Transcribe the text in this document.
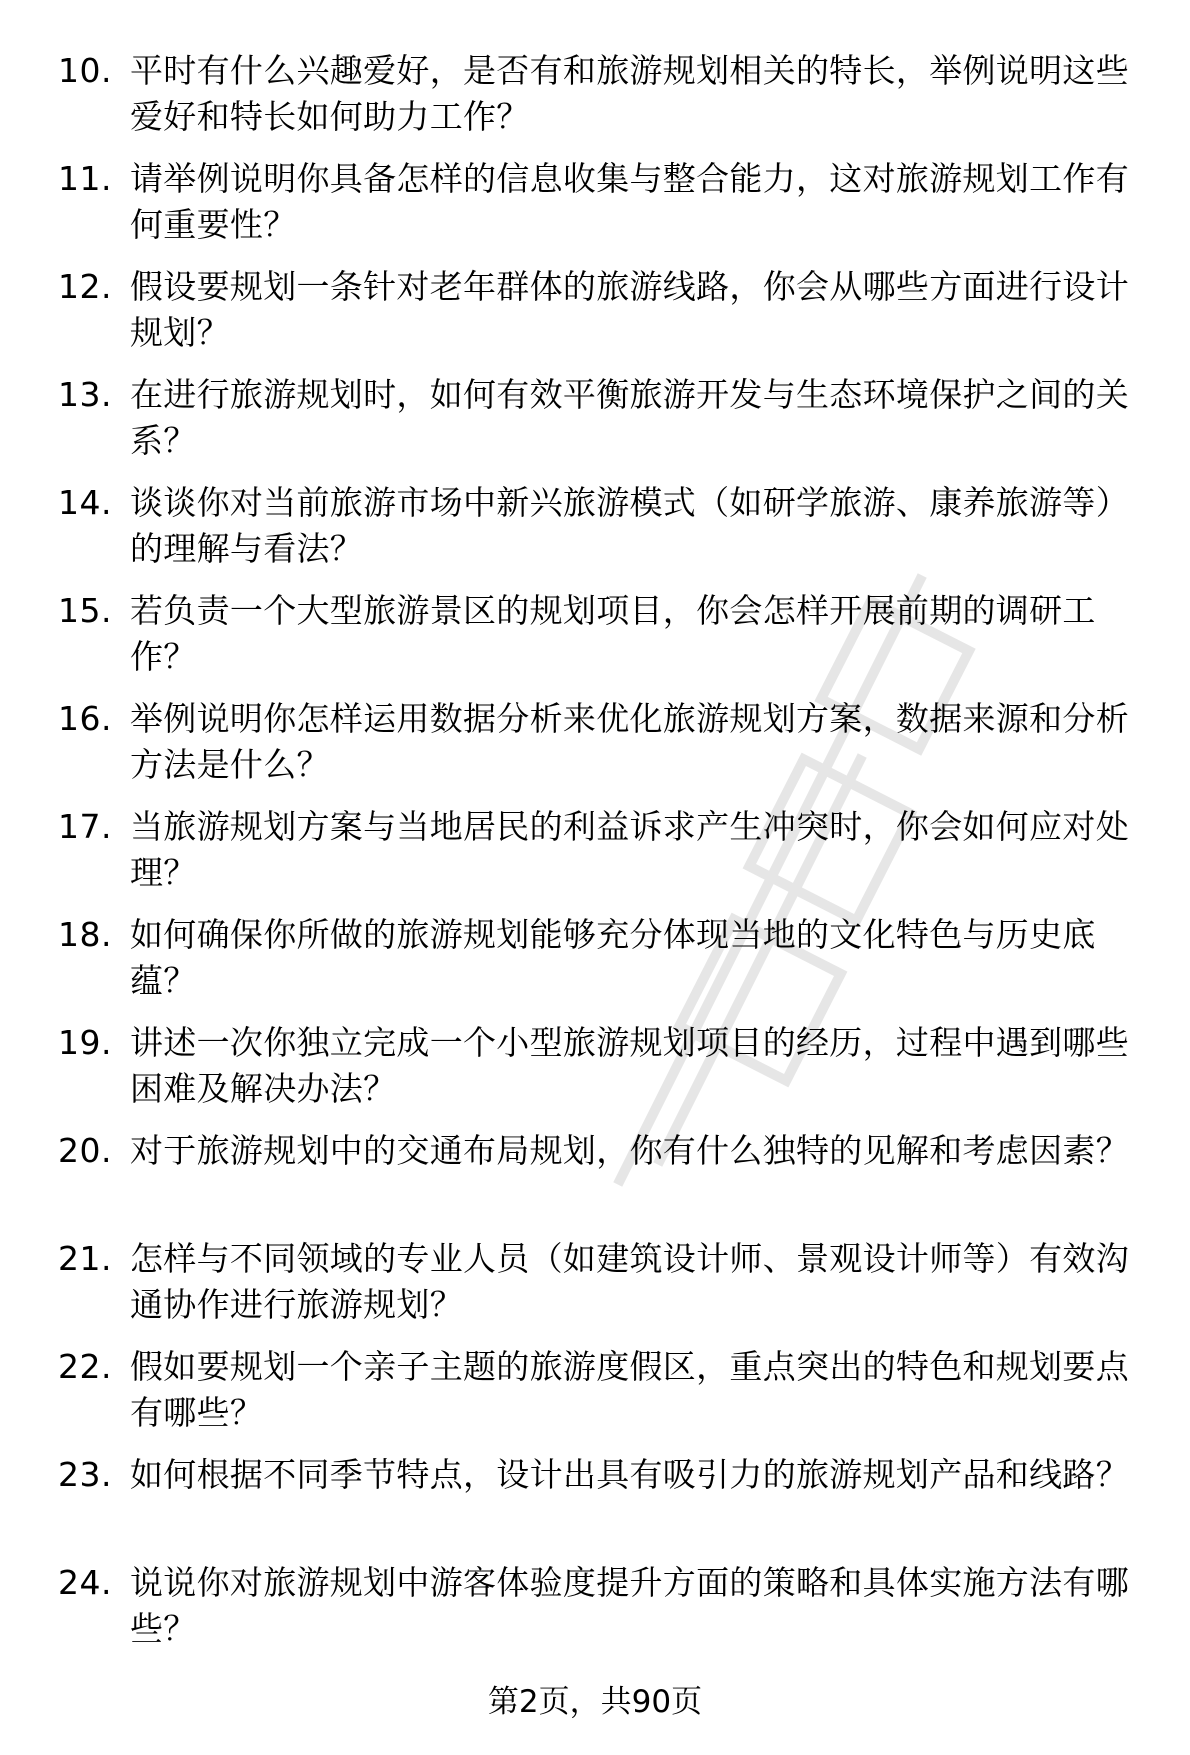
10. 平时有什么兴趣爱好，是否有和旅游规划相关的特长，举例说明这些爱好和特长如何助力工作？
11. 请举例说明你具备怎样的信息收集与整合能力，这对旅游规划工作有何重要性？
12. 假设要规划一条针对老年群体的旅游线路，你会从哪些方面进行设计规划？
13. 在进行旅游规划时，如何有效平衡旅游开发与生态环境保护之间的关系？
14. 谈谈你对当前旅游市场中新兴旅游模式（如研学旅游、康养旅游等）的理解与看法？
15. 若负责一个大型旅游景区的规划项目，你会怎样开展前期的调研工作？
16. 举例说明你怎样运用数据分析来优化旅游规划方案，数据来源和分析方法是什么？
17. 当旅游规划方案与当地居民的利益诉求产生冲突时，你会如何应对处理？
18. 如何确保你所做的旅游规划能够充分体现当地的文化特色与历史底蕴？
19. 讲述一次你独立完成一个小型旅游规划项目的经历，过程中遇到哪些困难及解决办法？
20. 对于旅游规划中的交通布局规划，你有什么独特的见解和考虑因素？
21. 怎样与不同领域的专业人员（如建筑设计师、景观设计师等）有效沟通协作进行旅游规划？
22. 假如要规划一个亲子主题的旅游度假区，重点突出的特色和规划要点有哪些？
23. 如何根据不同季节特点，设计出具有吸引力的旅游规划产品和线路？
24. 说说你对旅游规划中游客体验度提升方面的策略和具体实施方法有哪些？
第2页，共90页
